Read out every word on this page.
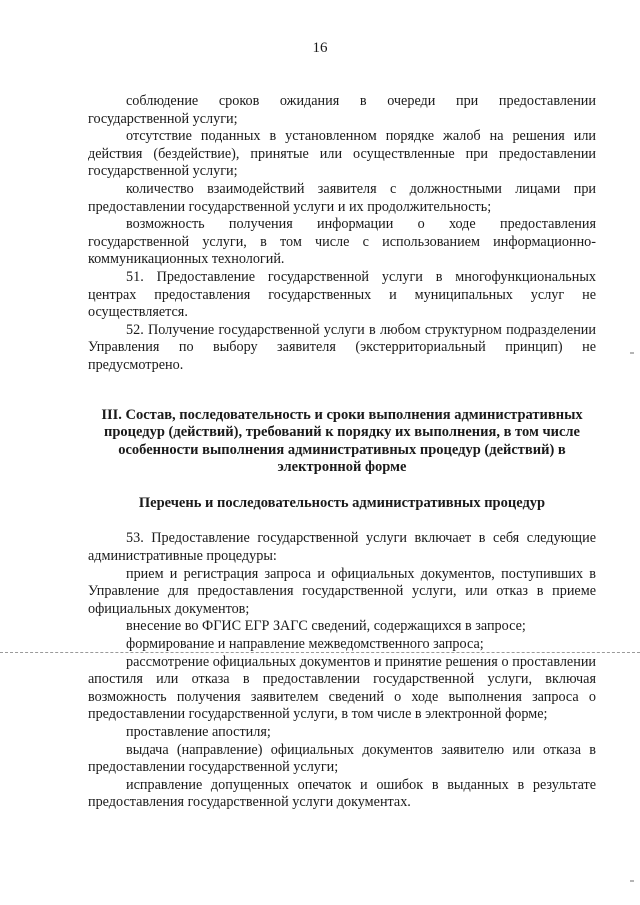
16

соблюдение сроков ожидания в очереди при предоставлении государственной услуги;

отсутствие поданных в установленном порядке жалоб на решения или действия (бездействие), принятые или осуществленные при предоставлении государственной услуги;

количество взаимодействий заявителя с должностными лицами при предоставлении государственной услуги и их продолжительность;

возможность получения информации о ходе предоставления государственной услуги, в том числе с использованием информационно-коммуникационных технологий.

51. Предоставление государственной услуги в многофункциональных центрах предоставления государственных и муниципальных услуг не осуществляется.

52. Получение государственной услуги в любом структурном подразделении Управления по выбору заявителя (экстерриториальный принцип) не предусмотрено.

III. Состав, последовательность и сроки выполнения административных процедур (действий), требований к порядку их выполнения, в том числе особенности выполнения административных процедур (действий) в электронной форме

Перечень и последовательность административных процедур

53. Предоставление государственной услуги включает в себя следующие административные процедуры:

прием и регистрация запроса и официальных документов, поступивших в Управление для предоставления государственной услуги, или отказ в приеме официальных документов;

внесение во ФГИС ЕГР ЗАГС сведений, содержащихся в запросе;

формирование и направление межведомственного запроса;

рассмотрение официальных документов и принятие решения о проставлении апостиля или отказа в предоставлении государственной услуги, включая возможность получения заявителем сведений о ходе выполнения запроса о предоставлении государственной услуги, в том числе в электронной форме;

проставление апостиля;

выдача (направление) официальных документов заявителю или отказа в предоставлении государственной услуги;

исправление допущенных опечаток и ошибок в выданных в результате предоставления государственной услуги документах.
